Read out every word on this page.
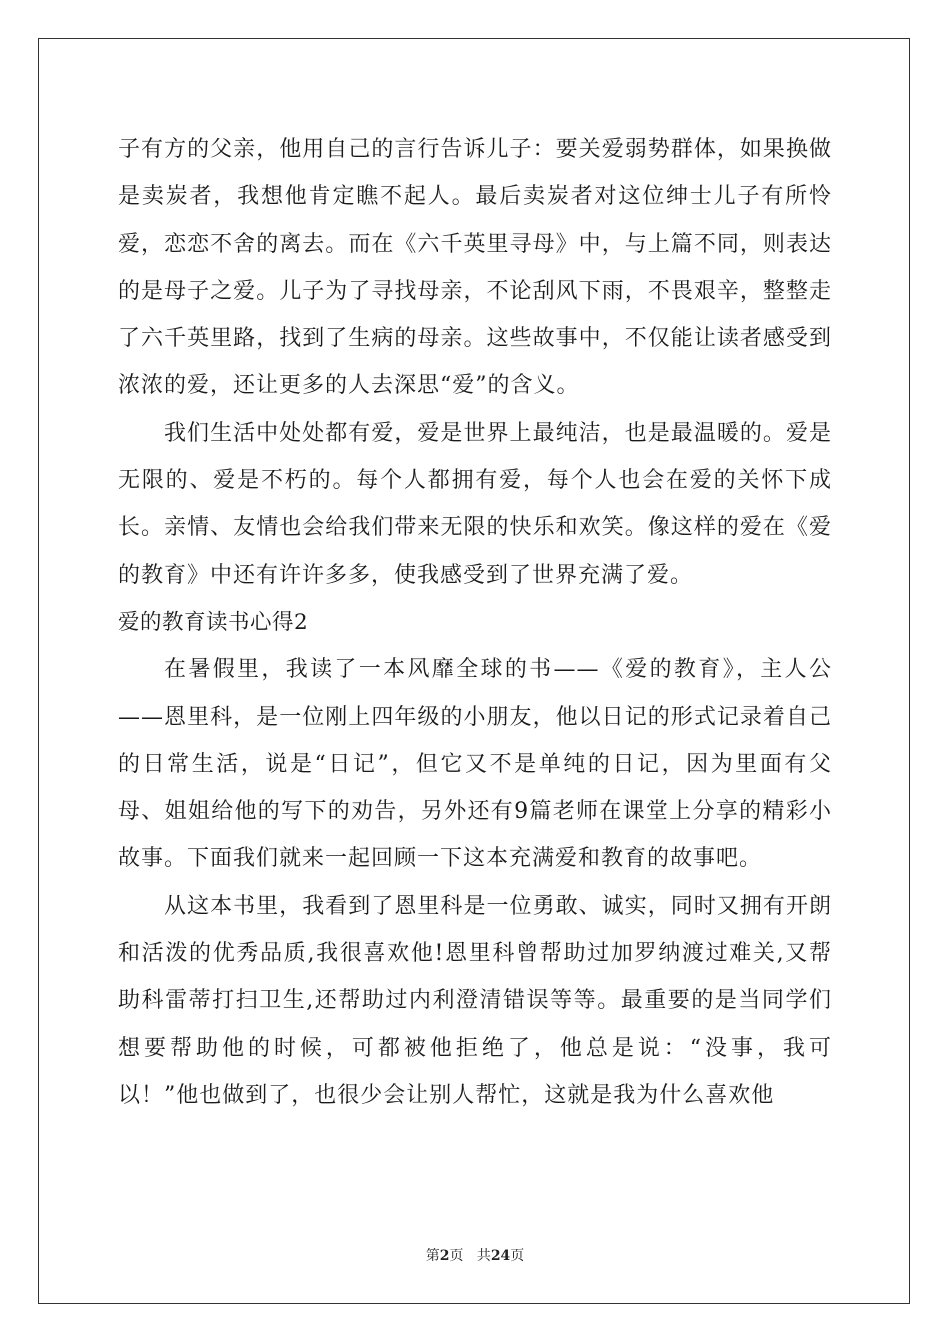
子有方的父亲，他用自己的言行告诉儿子：要关爱弱势群体，如果换做是卖炭者，我想他肯定瞧不起人。最后卖炭者对这位绅士儿子有所怜爱，恋恋不舍的离去。而在《六千英里寻母》中，与上篇不同，则表达的是母子之爱。儿子为了寻找母亲，不论刮风下雨，不畏艰辛，整整走了六千英里路，找到了生病的母亲。这些故事中，不仅能让读者感受到浓浓的爱，还让更多的人去深思“爱”的含义。

我们生活中处处都有爱，爱是世界上最纯洁，也是最温暖的。爱是无限的、爱是不朽的。每个人都拥有爱，每个人也会在爱的关怀下成长。亲情、友情也会给我们带来无限的快乐和欢笑。像这样的爱在《爱的教育》中还有许许多多，使我感受到了世界充满了爱。

爱的教育读书心得2

在暑假里，我读了一本风靡全球的书——《爱的教育》，主人公——恩里科，是一位刚上四年级的小朋友，他以日记的形式记录着自己的日常生活，说是“日记”，但它又不是单纯的日记，因为里面有父母、姐姐给他的写下的劝告，另外还有9篇老师在课堂上分享的精彩小故事。下面我们就来一起回顾一下这本充满爱和教育的故事吧。

从这本书里，我看到了恩里科是一位勇敢、诚实，同时又拥有开朗和活泼的优秀品质,我很喜欢他!恩里科曾帮助过加罗纳渡过难关,又帮助科雷蒂打扫卫生,还帮助过内利澄清错误等等。最重要的是当同学们想要帮助他的时候，可都被他拒绝了，他总是说：“没事，我可以！”他也做到了，也很少会让别人帮忙，这就是我为什么喜欢他

第2页 共24页
